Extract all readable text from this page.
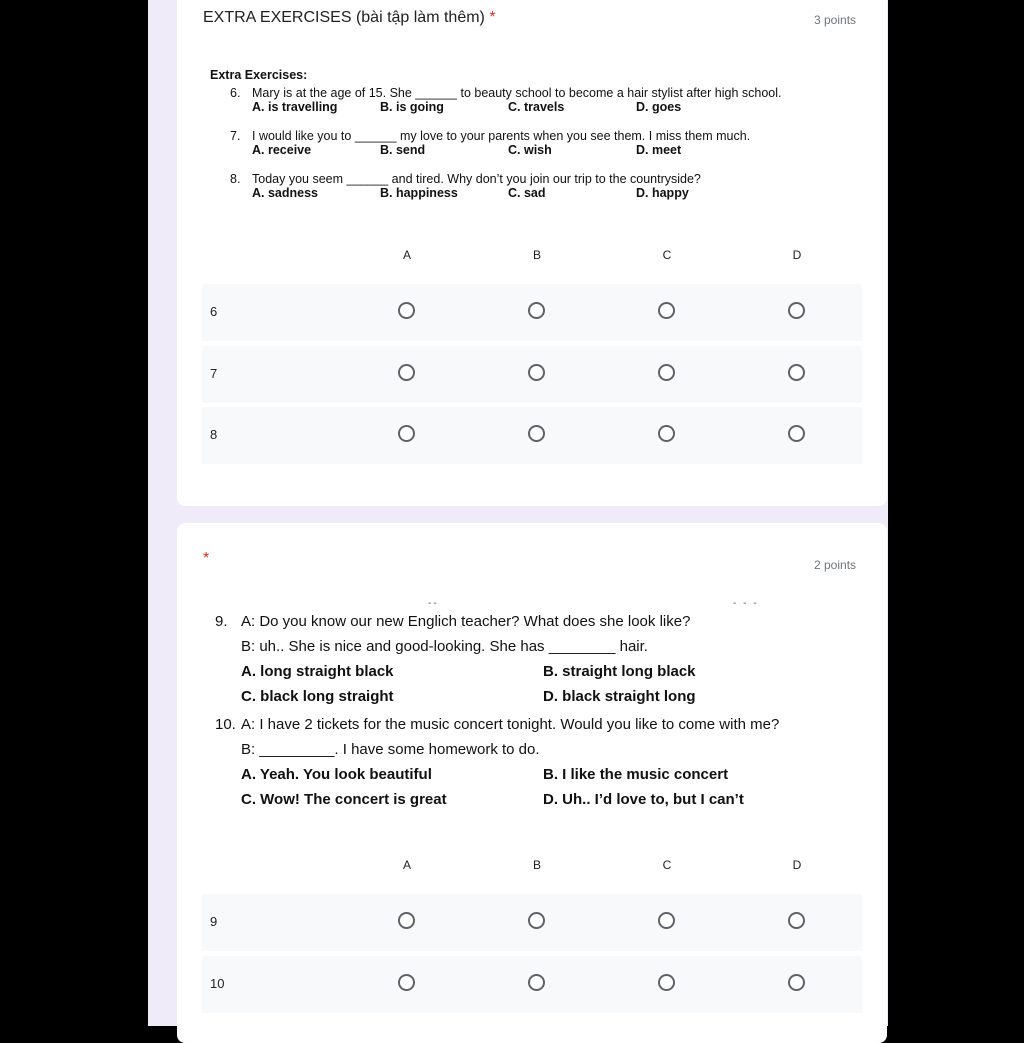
EXTRA EXERCISES (bài tập làm thêm) *	3 points
Extra Exercises:
6. Mary is at the age of 15. She ______ to beauty school to become a hair stylist after high school.
A. is travelling	B. is going	C. travels	D. goes
7. I would like you to ______ my love to your parents when you see them. I miss them much.
A. receive	B. send	C. wish	D. meet
8. Today you seem ______ and tired. Why don’t you join our trip to the countryside?
A. sadness	B. happiness	C. sad	D. happy
A	B	C	D
6
7
8
*	2 points
--	- - -
9. A: Do you know our new Englich teacher? What does she look like?
B: uh.. She is nice and good-looking. She has ________ hair.
A. long straight black	B. straight long black
C. black long straight	D. black straight long
10. A: I have 2 tickets for the music concert tonight. Would you like to come with me?
B: _________. I have some homework to do.
A. Yeah. You look beautiful	B. I like the music concert
C. Wow! The concert is great	D. Uh.. I’d love to, but I can’t
A	B	C	D
9
10
